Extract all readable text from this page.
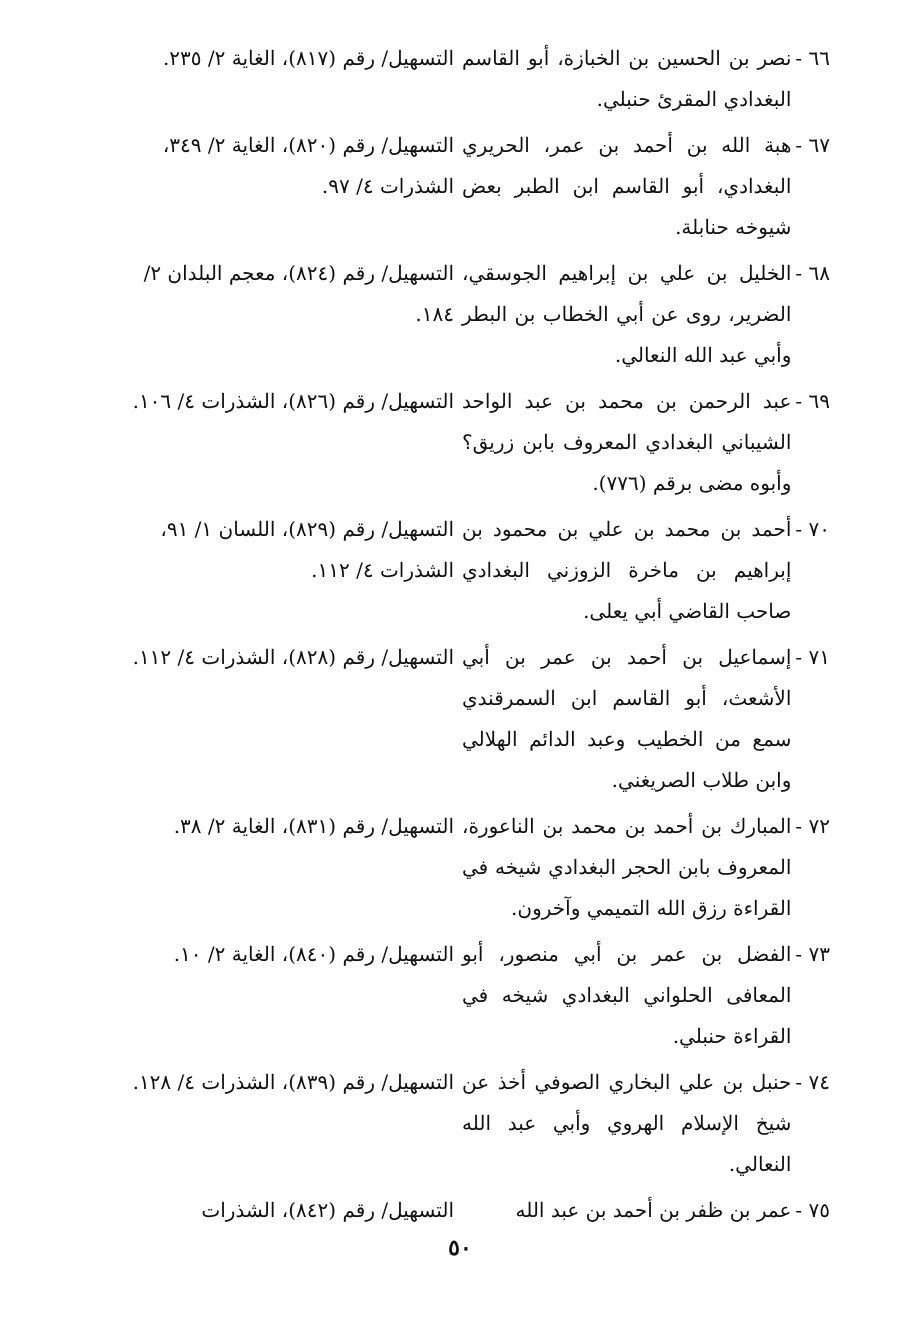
التسهيل/ رقم (٨١٧)، الغاية ٢/ ٢٣٥.	٦٦ -
نصر بن الحسين بن الخبازة، أبو القاسم البغدادي المقرئ حنبلي.
التسهيل/ رقم (٨٢٠)، الغاية ٢/ ٣٤٩، الشذرات ٤/ ٩٧.
٦٧ -
هبة الله بن أحمد بن عمر، الحريري البغدادي، أبو القاسم ابن الطبر بعض شيوخه حنابلة.
التسهيل/ رقم (٨٢٤)، معجم البلدان ٢/ ١٨٤.
٦٨ -
الخليل بن علي بن إبراهيم الجوسقي، الضرير، روى عن أبي الخطاب بن البطر وأبي عبد الله النعالي.
التسهيل/ رقم (٨٢٦)، الشذرات ٤/ ١٠٦.	٦٩ -
عبد الرحمن بن محمد بن عبد الواحد الشيباني البغدادي المعروف بابن زريق؟ وأبوه مضى برقم (٧٧٦).
التسهيل/ رقم (٨٢٩)، اللسان ١/ ٩١، الشذرات ٤/ ١١٢.
٧٠ -
أحمد بن محمد بن علي بن محمود بن إبراهيم بن ماخرة الزوزني البغدادي صاحب القاضي أبي يعلى.
التسهيل/ رقم (٨٢٨)، الشذرات ٤/ ١١٢.	٧١ -
إسماعيل بن أحمد بن عمر بن أبي الأشعث، أبو القاسم ابن السمرقندي سمع من الخطيب وعبد الدائم الهلالي وابن طلاب الصريغني.
التسهيل/ رقم (٨٣١)، الغاية ٢/ ٣٨.	٧٢ -
المبارك بن أحمد بن محمد بن الناعورة، المعروف بابن الحجر البغدادي شيخه في القراءة رزق الله التميمي وآخرون.
التسهيل/ رقم (٨٤٠)، الغاية ٢/ ١٠.	٧٣ -
الفضل بن عمر بن أبي منصور، أبو المعافى الحلواني البغدادي شيخه في القراءة حنبلي.
التسهيل/ رقم (٨٣٩)، الشذرات ٤/ ١٢٨.	٧٤ -
حنبل بن علي البخاري الصوفي أخذ عن شيخ الإسلام الهروي وأبي عبد الله النعالي.
التسهيل/ رقم (٨٤٢)، الشذرات	٧٥ -
عمر بن ظفر بن أحمد بن عبد الله
٥٠
